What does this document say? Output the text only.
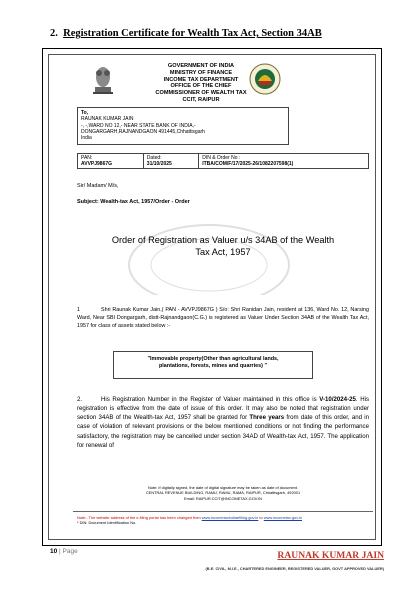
2. Registration Certificate for Wealth Tax Act, Section 34AB
GOVERNMENT OF INDIA
MINISTRY OF FINANCE
INCOME TAX DEPARTMENT
OFFICE OF THE CHIEF
COMMISSIONER OF WEALTH TAX
CCIT, RAIPUR
To,
RAUNAK KUMAR JAIN
-, -,WARD NO 12,- NEAR STATE BANK OF INDIA,-
DONGARGARH,RAJNANDGAON 491445,Chhattisgarh
India
PAN:
AVVPJ9867G

Dated:
31/10/2025

DIN & Order No :
ITBA/COM/F/17/2025-26/1082207598(1)
Sir/ Madam/ M/s,
Subject: Wealth-tax Act, 1957/Order - Order
Order of Registration as Valuer u/s 34AB of the Wealth
Tax Act, 1957
1	Shri Raunak Kumar Jain,( PAN - AVVPJ9867G ) S/o: Shri Ranidan Jain, resident at 136, Ward No. 12, Narsing Ward, Near SBI Dongargarh, distt-Rajnandgaon(C.G.) is registered as Valuer Under Section 34AB of the Wealth Tax Act, 1957 for class of assets stated below :-
"Immovable property(Other than agricultural lands,
plantations, forests, mines and quarries) "
2.	His Registration Number in the Register of Valuer maintained in this office is V-10/2024-25. His registration is effective from the date of issue of this order. It may also be noted that registration under section 34AB of the Wealth-tax Act, 1957 shall be granted for Three years from date of this order, and in case of violation of relevant provisions or the below mentioned conditions or not finding the performance satisfactory, the registration may be cancelled under section 34AD of Wealth-tax Act, 1957. The application for renewal of
Note: If digitally signed, the date of digital signature may be taken as date of document.
CENTRAL REVENUE BUILDING, RAMU, RAMU, RAMA, RAIPUR, Chhattisgarh, 492001
Email: RAIPUR.CCIT@INCOMETAX.GOV.IN
Note:- The website address of the e-filing portal has been changed from www.incometaxindiaefiling.gov.in to www.incometax.gov.in
* DIN: Document Identification No.
10 | Page	RAUNAK KUMAR JAIN
(B.E. CIVIL, M.I.E., CHARTERED ENGINEER, REGISTERED VALUER, GOVT APPROVED VALUER)
